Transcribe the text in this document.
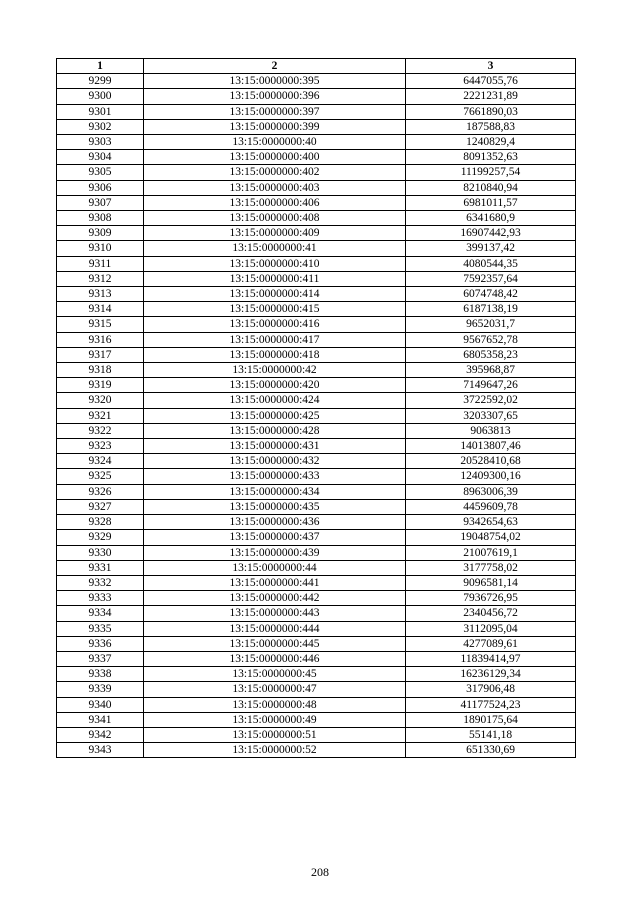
1	2	3
9299	13:15:0000000:395	6447055,76
9300	13:15:0000000:396	2221231,89
9301	13:15:0000000:397	7661890,03
9302	13:15:0000000:399	187588,83
9303	13:15:0000000:40	1240829,4
9304	13:15:0000000:400	8091352,63
9305	13:15:0000000:402	11199257,54
9306	13:15:0000000:403	8210840,94
9307	13:15:0000000:406	6981011,57
9308	13:15:0000000:408	6341680,9
9309	13:15:0000000:409	16907442,93
9310	13:15:0000000:41	399137,42
9311	13:15:0000000:410	4080544,35
9312	13:15:0000000:411	7592357,64
9313	13:15:0000000:414	6074748,42
9314	13:15:0000000:415	6187138,19
9315	13:15:0000000:416	9652031,7
9316	13:15:0000000:417	9567652,78
9317	13:15:0000000:418	6805358,23
9318	13:15:0000000:42	395968,87
9319	13:15:0000000:420	7149647,26
9320	13:15:0000000:424	3722592,02
9321	13:15:0000000:425	3203307,65
9322	13:15:0000000:428	9063813
9323	13:15:0000000:431	14013807,46
9324	13:15:0000000:432	20528410,68
9325	13:15:0000000:433	12409300,16
9326	13:15:0000000:434	8963006,39
9327	13:15:0000000:435	4459609,78
9328	13:15:0000000:436	9342654,63
9329	13:15:0000000:437	19048754,02
9330	13:15:0000000:439	21007619,1
9331	13:15:0000000:44	3177758,02
9332	13:15:0000000:441	9096581,14
9333	13:15:0000000:442	7936726,95
9334	13:15:0000000:443	2340456,72
9335	13:15:0000000:444	3112095,04
9336	13:15:0000000:445	4277089,61
9337	13:15:0000000:446	11839414,97
9338	13:15:0000000:45	16236129,34
9339	13:15:0000000:47	317906,48
9340	13:15:0000000:48	41177524,23
9341	13:15:0000000:49	1890175,64
9342	13:15:0000000:51	55141,18
9343	13:15:0000000:52	651330,69
208
